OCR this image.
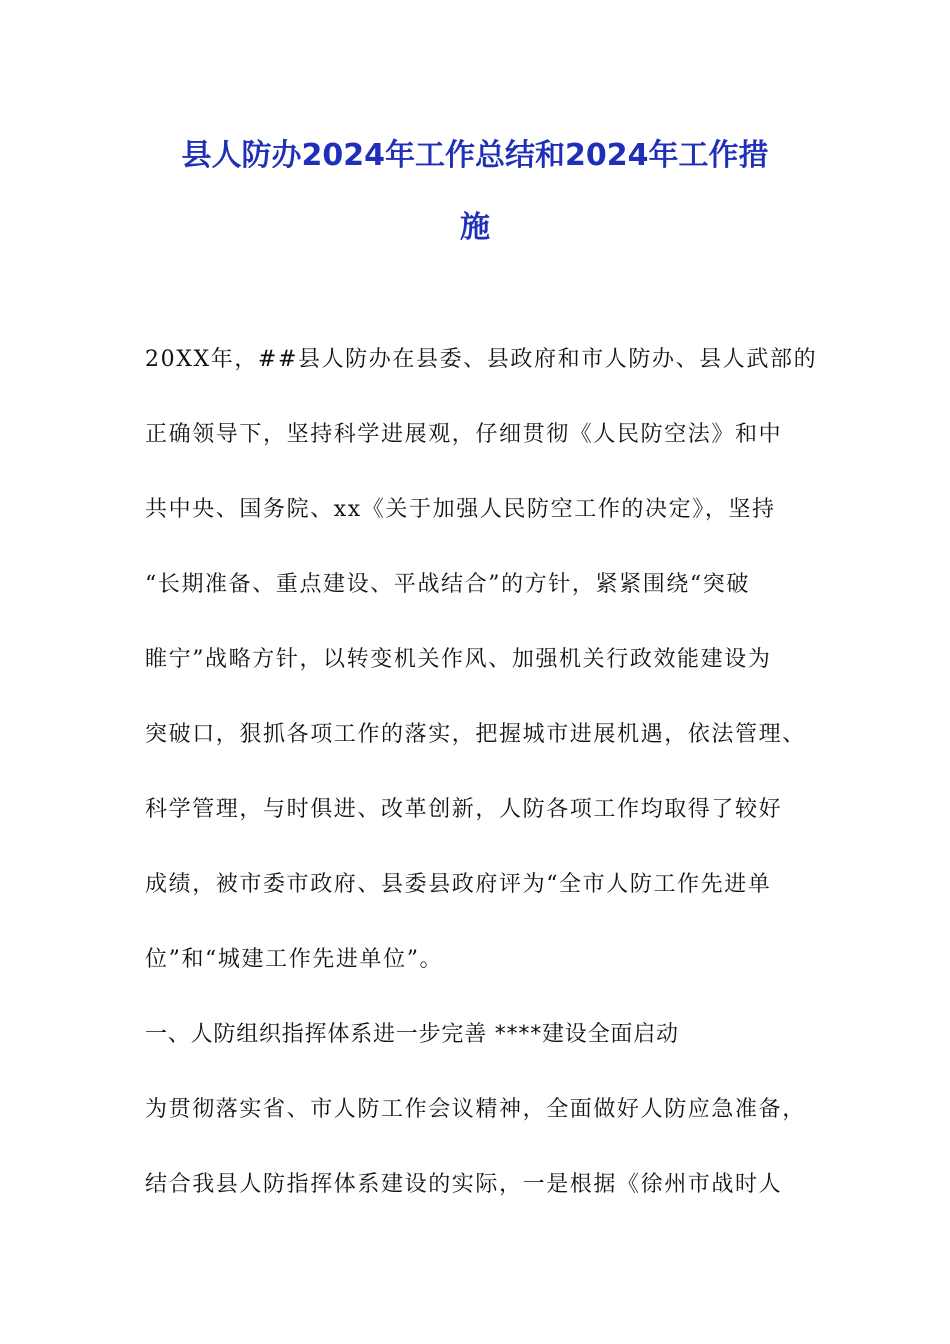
县人防办2024年工作总结和2024年工作措
施
20XX年，##县人防办在县委、县政府和市人防办、县人武部的
正确领导下，坚持科学进展观，仔细贯彻《人民防空法》和中
共中央、国务院、xx《关于加强人民防空工作的决定》，坚持
“长期准备、重点建设、平战结合”的方针，紧紧围绕“突破
睢宁”战略方针，以转变机关作风、加强机关行政效能建设为
突破口，狠抓各项工作的落实，把握城市进展机遇，依法管理、
科学管理，与时俱进、改革创新，人防各项工作均取得了较好
成绩，被市委市政府、县委县政府评为“全市人防工作先进单
位”和“城建工作先进单位”。
一、人防组织指挥体系进一步完善 ****建设全面启动
为贯彻落实省、市人防工作会议精神，全面做好人防应急准备，
结合我县人防指挥体系建设的实际，一是根据《徐州市战时人
